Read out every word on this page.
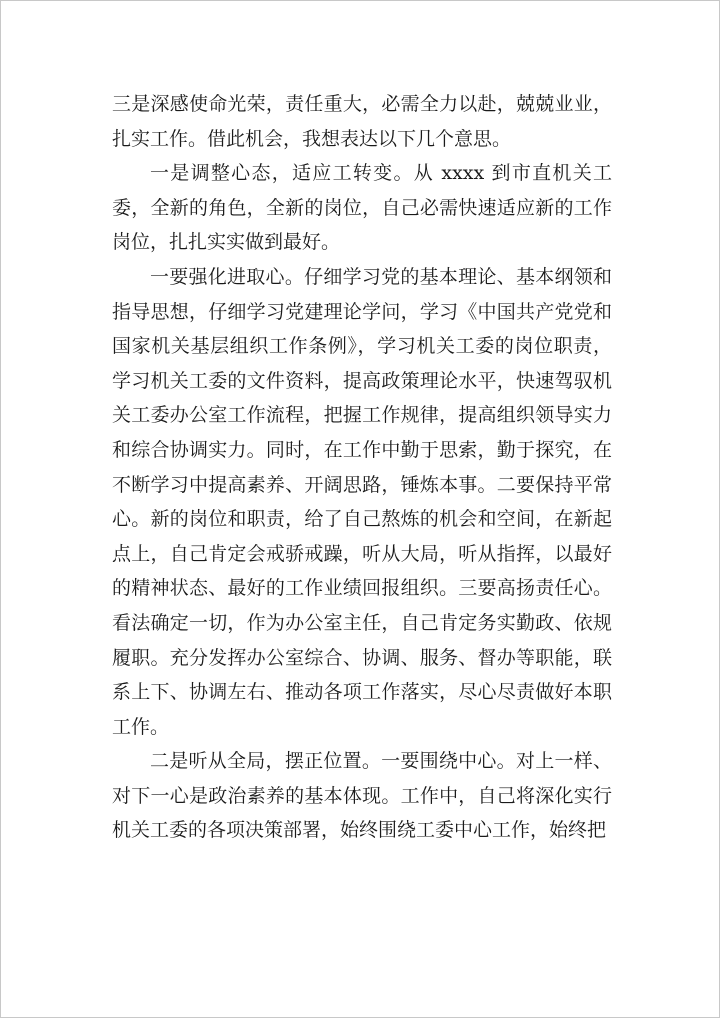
三是深感使命光荣，责任重大，必需全力以赴，兢兢业业，扎实工作。借此机会，我想表达以下几个意思。

一是调整心态，适应工转变。从 xxxx 到市直机关工委，全新的角色，全新的岗位，自己必需快速适应新的工作岗位，扎扎实实做到最好。

一要强化进取心。仔细学习党的基本理论、基本纲领和指导思想，仔细学习党建理论学问，学习《中国共产党党和国家机关基层组织工作条例》，学习机关工委的岗位职责，学习机关工委的文件资料，提高政策理论水平，快速驾驭机关工委办公室工作流程，把握工作规律，提高组织领导实力和综合协调实力。同时，在工作中勤于思索，勤于探究，在不断学习中提高素养、开阔思路，锤炼本事。二要保持平常心。新的岗位和职责，给了自己熬炼的机会和空间，在新起点上，自己肯定会戒骄戒躁，听从大局，听从指挥，以最好的精神状态、最好的工作业绩回报组织。三要高扬责任心。看法确定一切，作为办公室主任，自己肯定务实勤政、依规履职。充分发挥办公室综合、协调、服务、督办等职能，联系上下、协调左右、推动各项工作落实，尽心尽责做好本职工作。

二是听从全局，摆正位置。一要围绕中心。对上一样、对下一心是政治素养的基本体现。工作中，自己将深化实行机关工委的各项决策部署，始终围绕工委中心工作，始终把
